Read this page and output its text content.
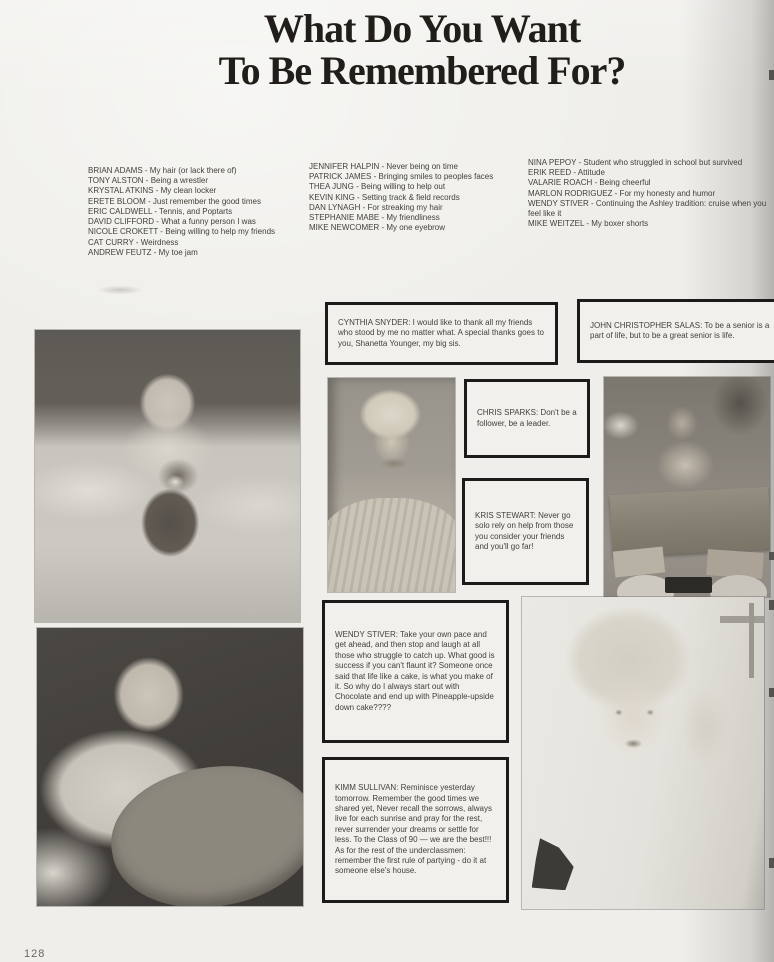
What Do You Want
To Be Remembered For?
BRIAN ADAMS - My hair (or lack there of)
TONY ALSTON - Being a wrestler
KRYSTAL ATKINS - My clean locker
ERETE BLOOM - Just remember the good times
ERIC CALDWELL - Tennis, and Poptarts
DAVID CLIFFORD - What a funny person I was
NICOLE CROKETT - Being willing to help my friends
CAT CURRY - Weirdness
ANDREW FEUTZ - My toe jam
JENNIFER HALPIN - Never being on time
PATRICK JAMES - Bringing smiles to peoples faces
THEA JUNG - Being willing to help out
KEVIN KING - Setting track & field records
DAN LYNAGH - For streaking my hair
STEPHANIE MABE - My friendliness
MIKE NEWCOMER - My one eyebrow
NINA PEPOY - Student who struggled in school but survived
ERIK REED - Attitude
VALARIE ROACH - Being cheerful
MARLON RODRIGUEZ - For my honesty and humor
WENDY STIVER - Continuing the Ashley tradition: cruise when you feel like it
MIKE WEITZEL - My boxer shorts
CYNTHIA SNYDER: I would like to thank all my friends who stood by me no matter what. A special thanks goes to you, Shanetta Younger, my big sis.
JOHN CHRISTOPHER SALAS: To be a senior is a part of life, but to be a great senior is life.
CHRIS SPARKS: Don't be a follower, be a leader.
KRIS STEWART: Never go solo rely on help from those you consider your friends and you'll go far!
WENDY STIVER: Take your own pace and get ahead, and then stop and laugh at all those who struggle to catch up. What good is success if you can't flaunt it? Someone once said that life like a cake, is what you make of it. So why do I always start out with Chocolate and end up with Pineapple-upside down cake????
KIMM SULLIVAN: Reminisce yesterday tomorrow. Remember the good times we shared yet, Never recall the sorrows, always live for each sunrise and pray for the rest, rever surrender your dreams or settle for less. To the Class of 90 — we are the best!!! As for the rest of the underclassmen: remember the first rule of partying - do it at someone else's house.
128
